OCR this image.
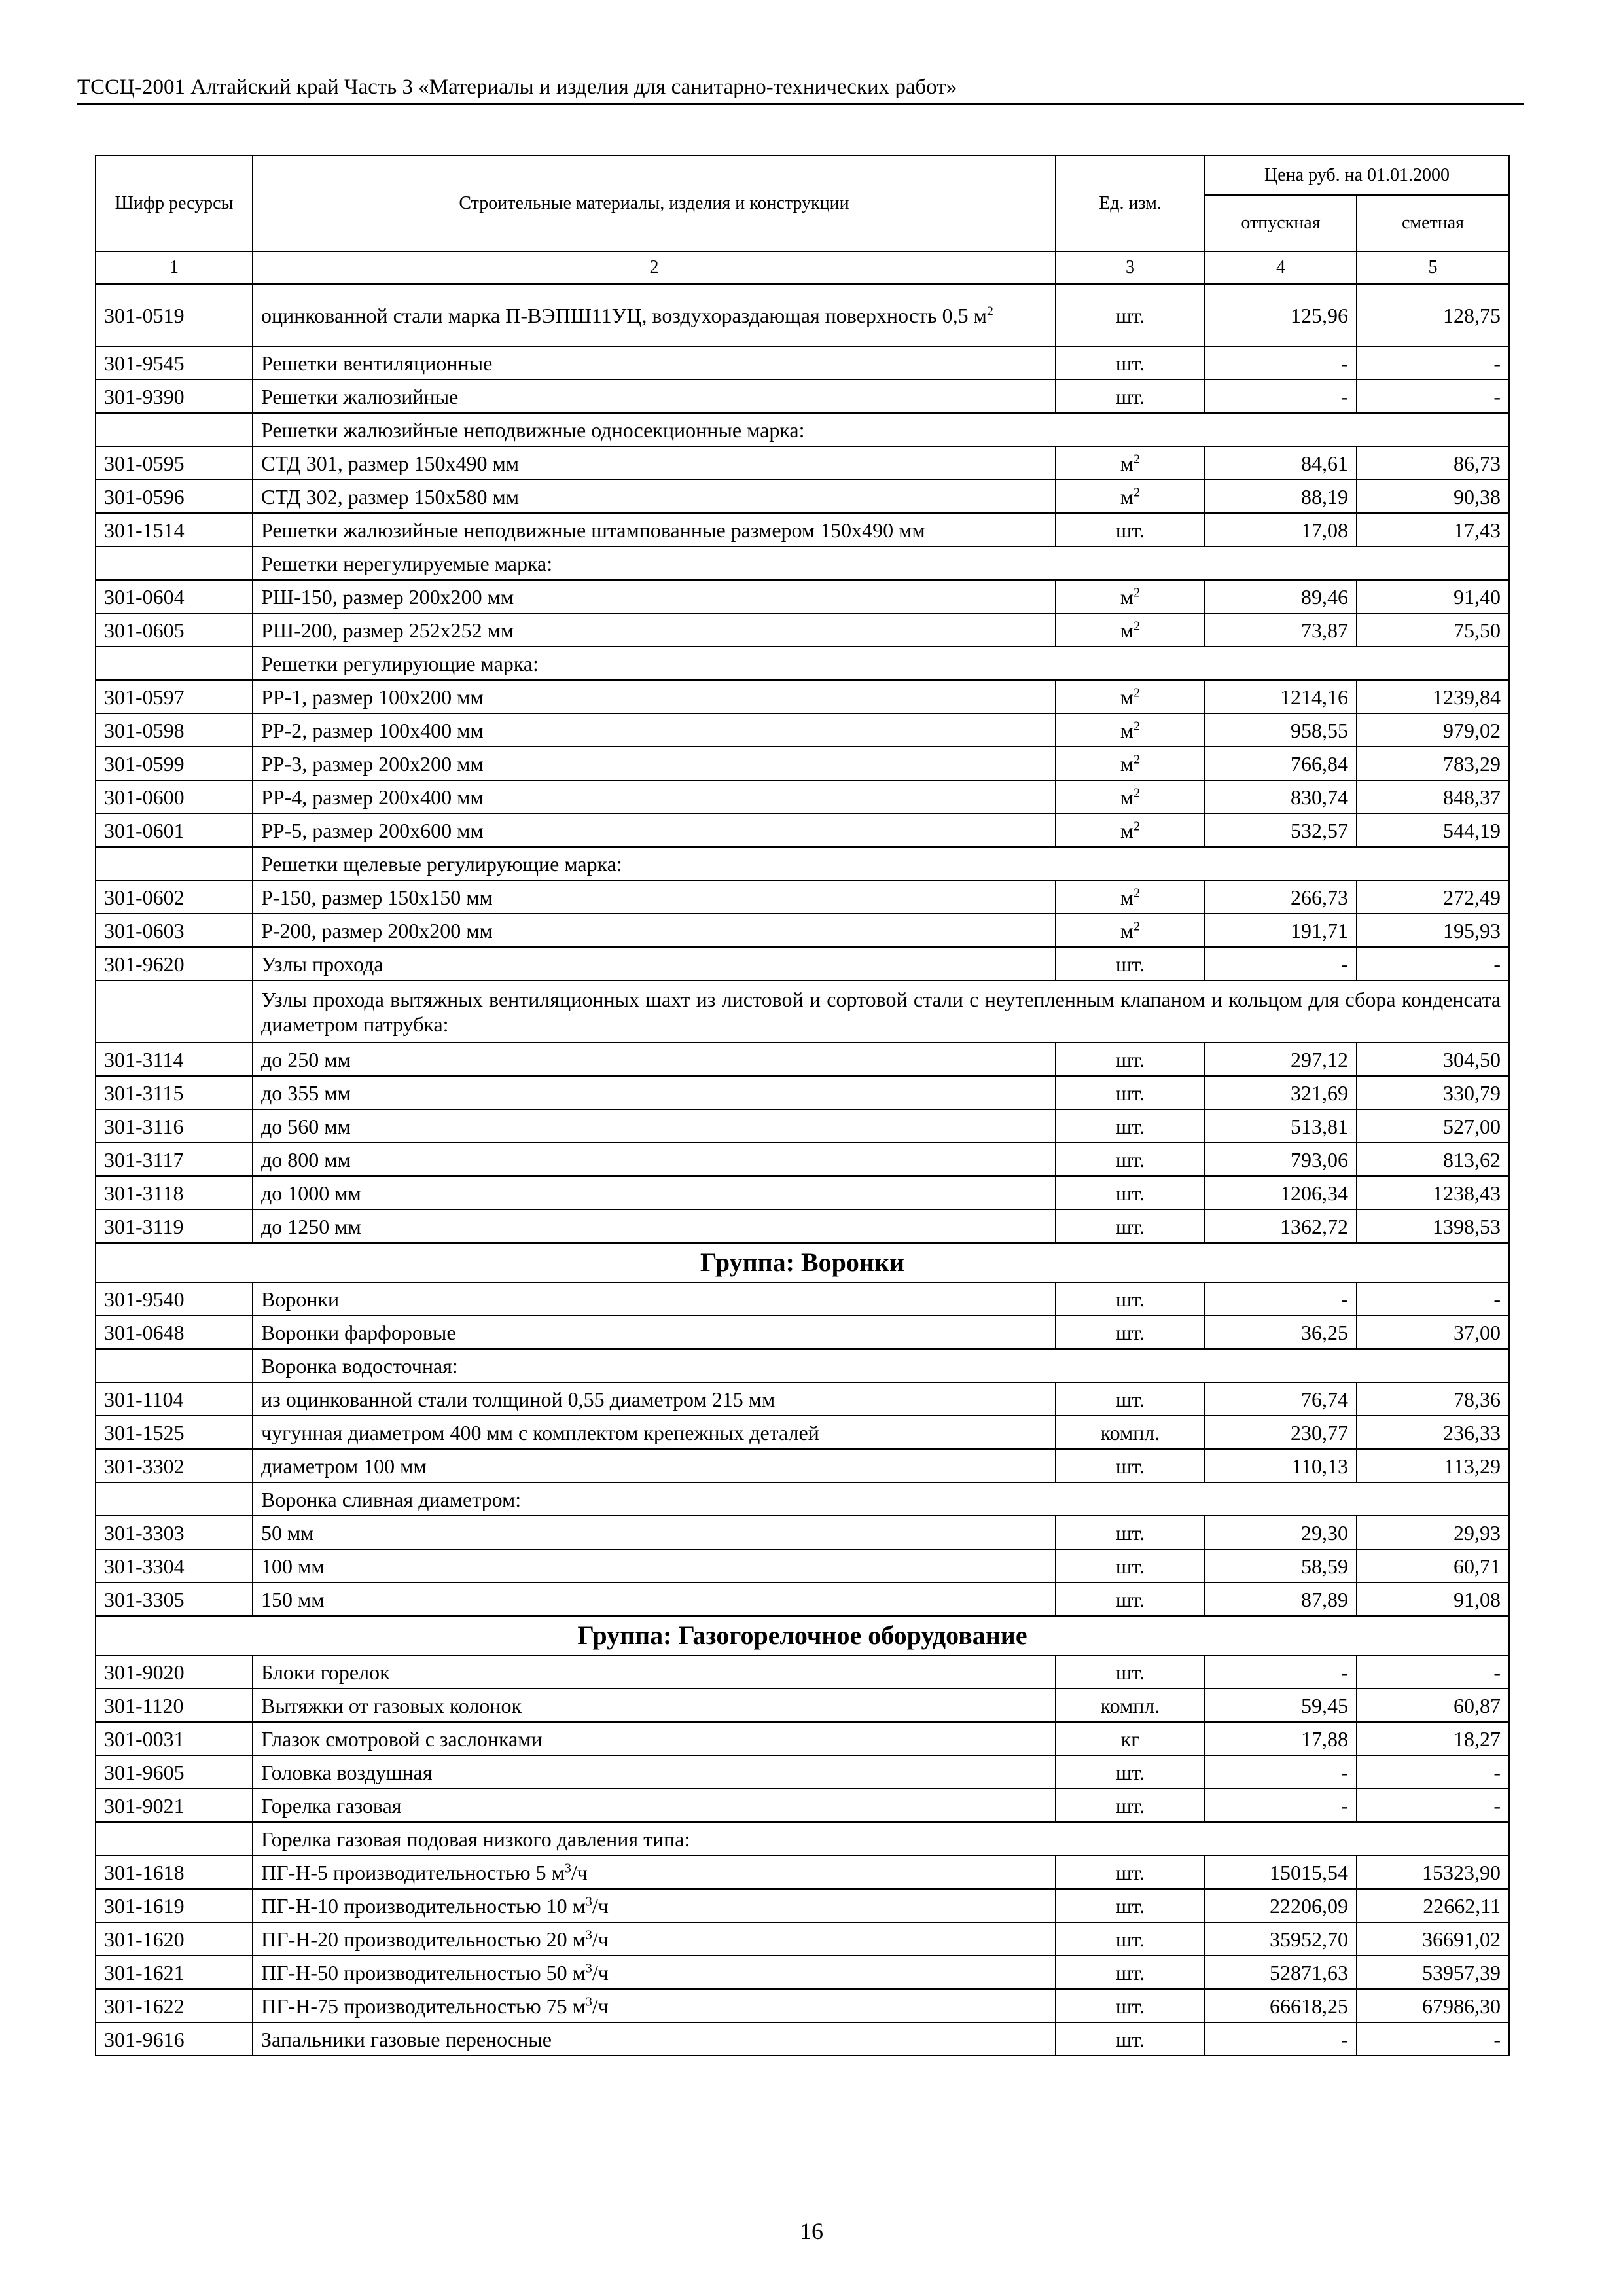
ТССЦ-2001 Алтайский край Часть 3 «Материалы и изделия для санитарно-технических работ»
Шифр ресурсы	Строительные материалы, изделия и конструкции	Ед. изм.	Цена руб. на 01.01.2000	
			отпускная	сметная
1	2	3	4	5
301-0519	оцинкованной стали марка П-ВЭПШ11УЦ, воздухораздающая поверхность 0,5 $м^2$	шт.	125,96	128,75
301-9545	Решетки вентиляционные	шт.	-	-
301-9390	Решетки жалюзийные	шт.	-	-
	Решетки жалюзийные неподвижные односекционные марка:			
301-0595	СТД 301, размер 150х490 мм	$м^2$	84,61	86,73
301-0596	СТД 302, размер 150х580 мм	$м^2$	88,19	90,38
301-1514	Решетки жалюзийные неподвижные штампованные размером 150х490 мм	шт.	17,08	17,43
	Решетки нерегулируемые марка:			
301-0604	РШ-150, размер 200х200 мм	$м^2$	89,46	91,40
301-0605	РШ-200, размер 252х252 мм	$м^2$	73,87	75,50
	Решетки регулирующие марка:			
301-0597	РР-1, размер 100х200 мм	$м^2$	1214,16	1239,84
301-0598	РР-2, размер 100х400 мм	$м^2$	958,55	979,02
301-0599	РР-3, размер 200х200 мм	$м^2$	766,84	783,29
301-0600	РР-4, размер 200х400 мм	$м^2$	830,74	848,37
301-0601	РР-5, размер 200х600 мм	$м^2$	532,57	544,19
	Решетки щелевые регулирующие марка:			
301-0602	Р-150, размер 150х150 мм	$м^2$	266,73	272,49
301-0603	Р-200, размер 200х200 мм	$м^2$	191,71	195,93
301-9620	Узлы прохода	шт.	-	-
	Узлы прохода вытяжных вентиляционных шахт из листовой и сортовой стали с неутепленным клапаном и кольцом для сбора конденсата диаметром патрубка:			
301-3114	до 250 мм	шт.	297,12	304,50
301-3115	до 355 мм	шт.	321,69	330,79
301-3116	до 560 мм	шт.	513,81	527,00
301-3117	до 800 мм	шт.	793,06	813,62
301-3118	до 1000 мм	шт.	1206,34	1238,43
301-3119	до 1250 мм	шт.	1362,72	1398,53
Группа: Воронки				
301-9540	Воронки	шт.	-	-
301-0648	Воронки фарфоровые	шт.	36,25	37,00
	Воронка водосточная:			
301-1104	из оцинкованной стали толщиной 0,55 диаметром 215 мм	шт.	76,74	78,36
301-1525	чугунная диаметром 400 мм с комплектом крепежных деталей	компл.	230,77	236,33
301-3302	диаметром 100 мм	шт.	110,13	113,29
	Воронка сливная диаметром:			
301-3303	50 мм	шт.	29,30	29,93
301-3304	100 мм	шт.	58,59	60,71
301-3305	150 мм	шт.	87,89	91,08
Группа: Газогорелочное оборудование				
301-9020	Блоки горелок	шт.	-	-
301-1120	Вытяжки от газовых колонок	компл.	59,45	60,87
301-0031	Глазок смотровой с заслонками	кг	17,88	18,27
301-9605	Головка воздушная	шт.	-	-
301-9021	Горелка газовая	шт.	-	-
	Горелка газовая подовая низкого давления типа:			
301-1618	ПГ-Н-5 производительностью 5 $м^3/ч$	шт.	15015,54	15323,90
301-1619	ПГ-Н-10 производительностью 10 $м^3/ч$	шт.	22206,09	22662,11
301-1620	ПГ-Н-20 производительностью 20 $м^3/ч$	шт.	35952,70	36691,02
301-1621	ПГ-Н-50 производительностью 50 $м^3/ч$	шт.	52871,63	53957,39
301-1622	ПГ-Н-75 производительностью 75 $м^3/ч$	шт.	66618,25	67986,30
301-9616	Запальники газовые переносные	шт.	-	-
16
